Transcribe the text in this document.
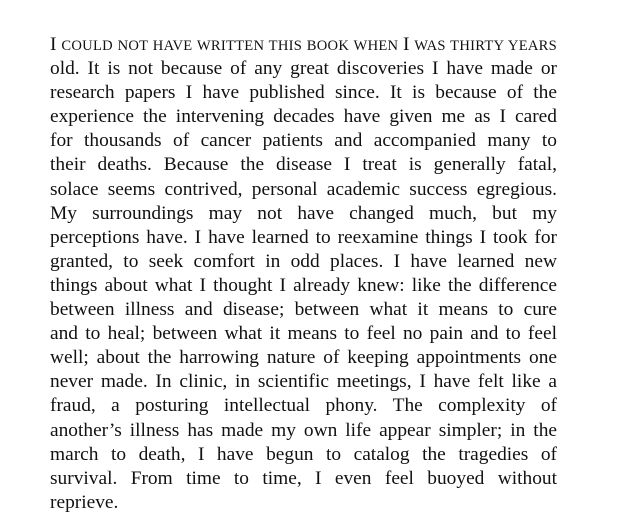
I COULD NOT HAVE WRITTEN THIS BOOK WHEN I WAS THIRTY YEARS
old. It is not because of any great discoveries I have made or
research papers I have published since. It is because of the
experience the intervening decades have given me as I cared
for thousands of cancer patients and accompanied many to
their deaths. Because the disease I treat is generally fatal,
solace seems contrived, personal academic success egregious.
My surroundings may not have changed much, but my
perceptions have. I have learned to reexamine things I took for
granted, to seek comfort in odd places. I have learned new
things about what I thought I already knew: like the difference
between illness and disease; between what it means to cure
and to heal; between what it means to feel no pain and to feel
well; about the harrowing nature of keeping appointments one
never made. In clinic, in scientific meetings, I have felt like a
fraud, a posturing intellectual phony. The complexity of
another’s illness has made my own life appear simpler; in the
march to death, I have begun to catalog the tragedies of
survival. From time to time, I even feel buoyed without
reprieve.
